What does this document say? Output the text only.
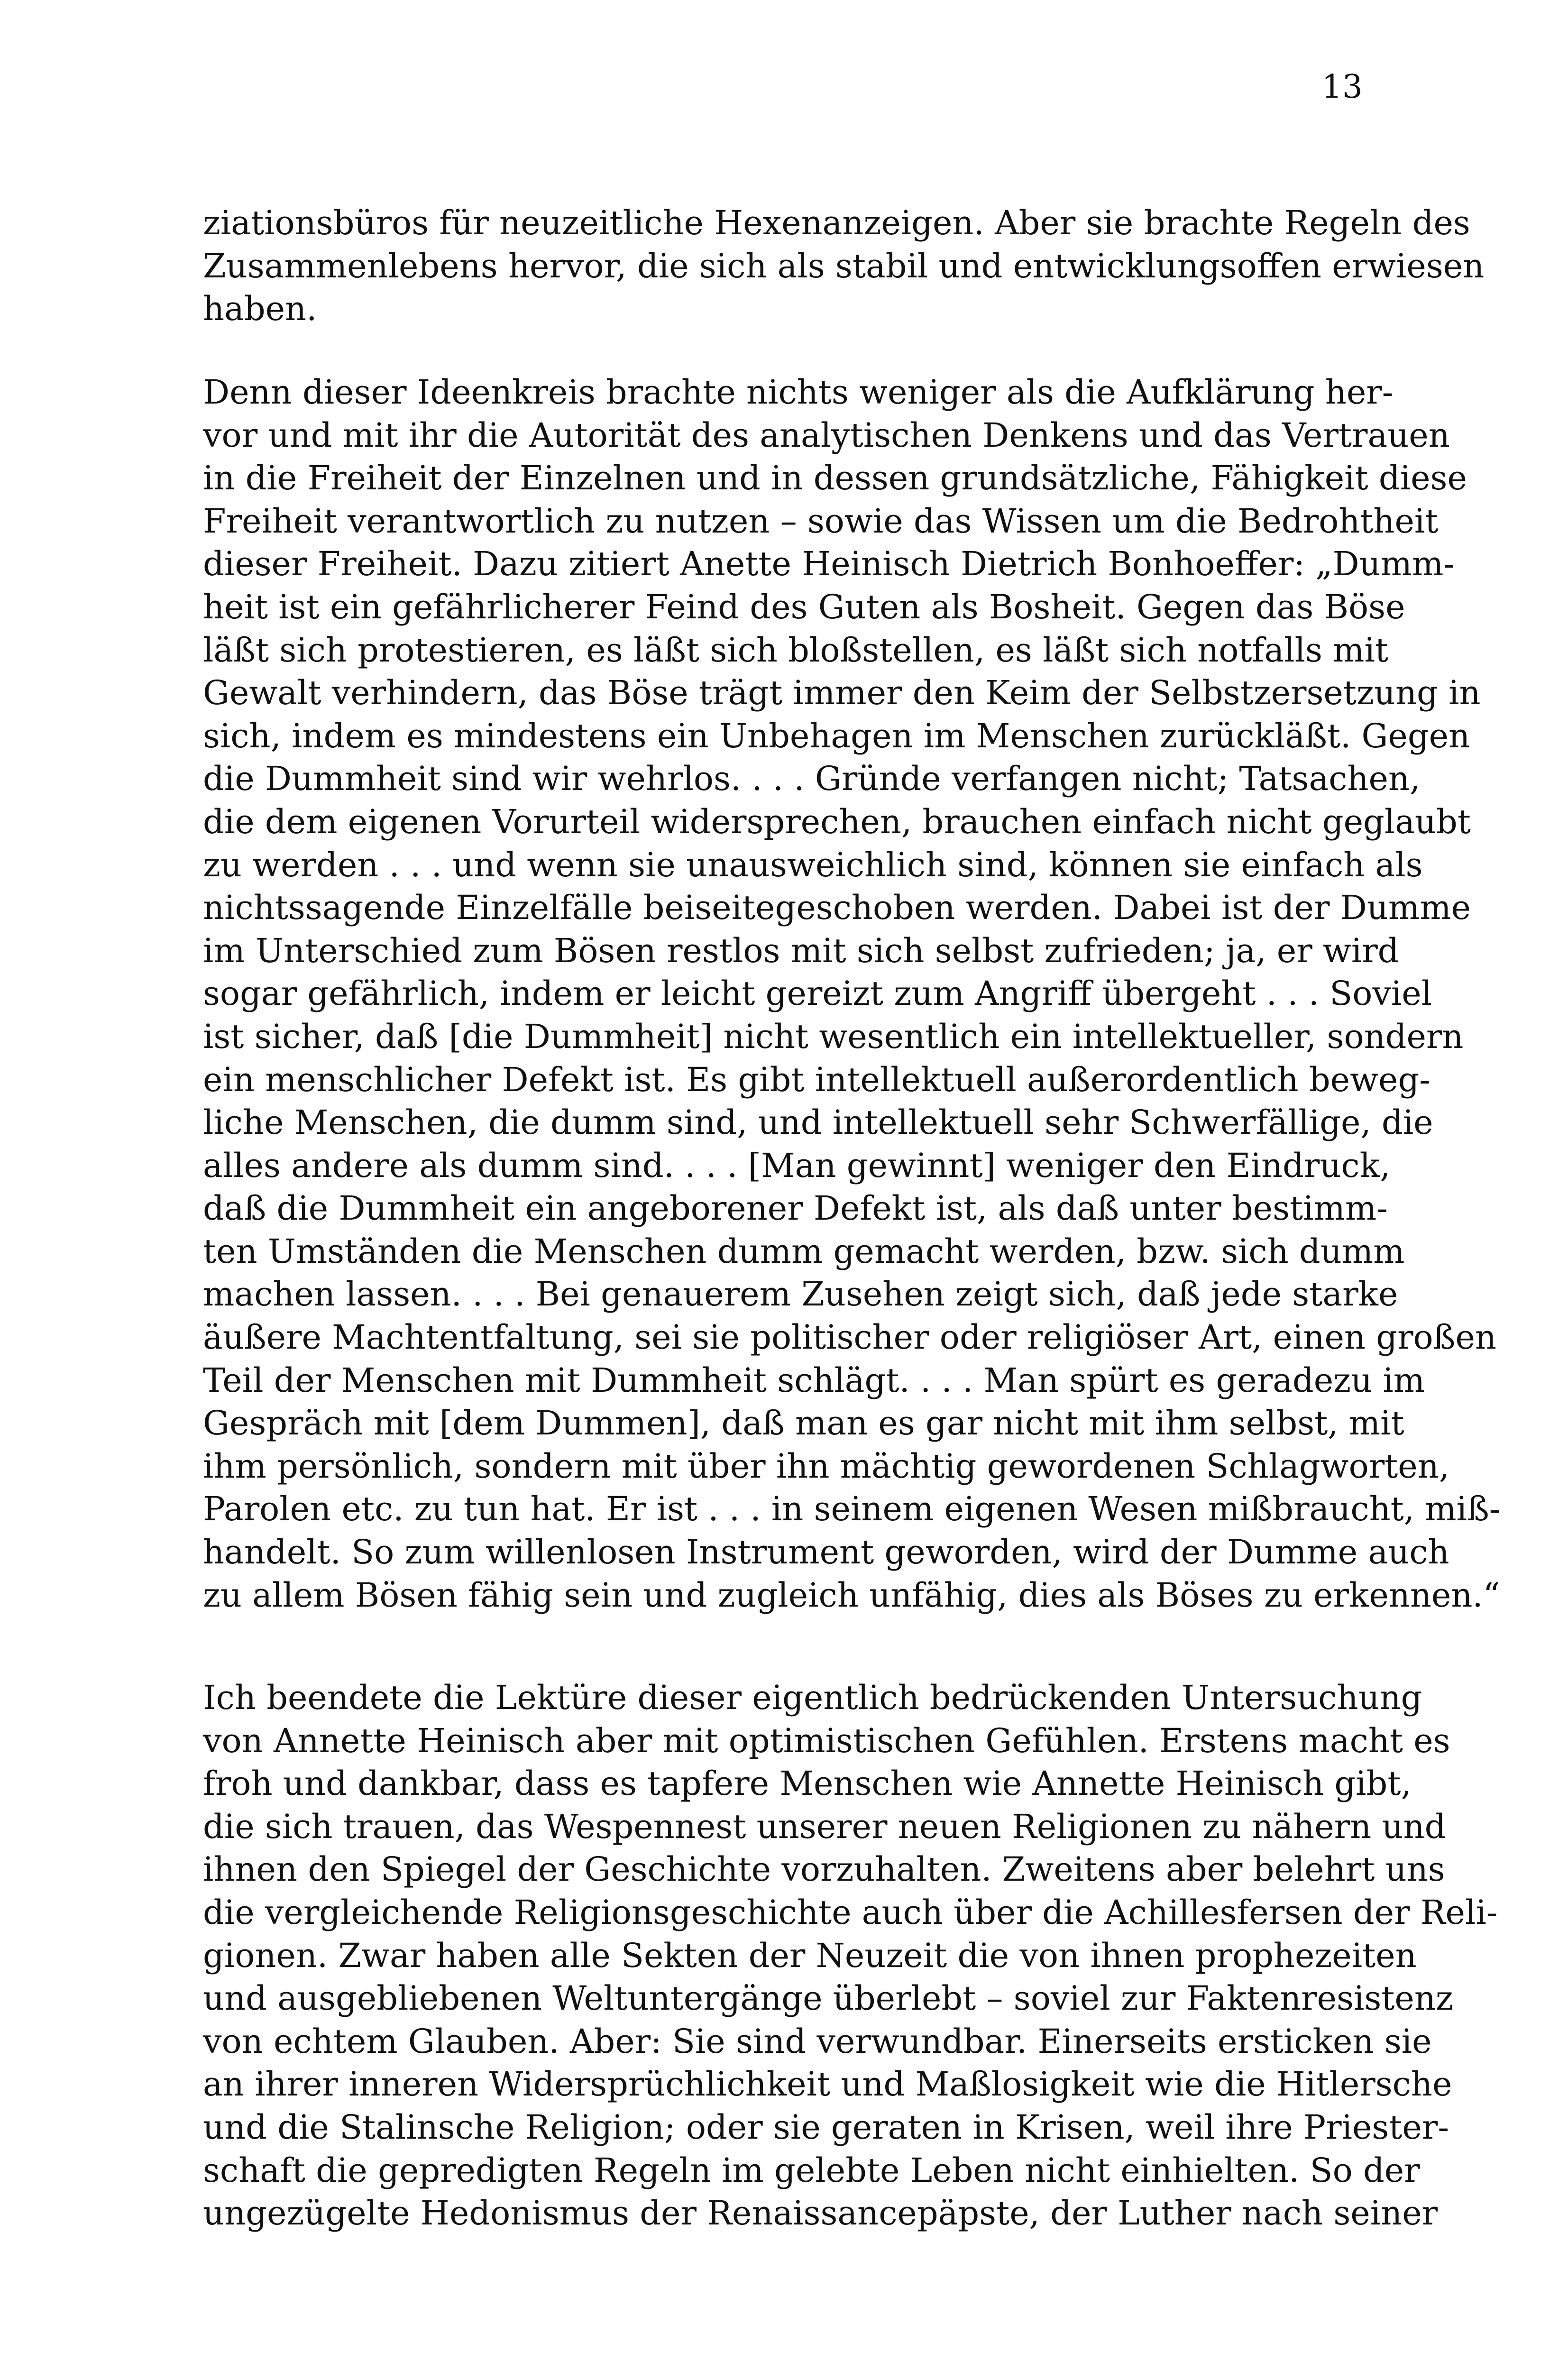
13
ziationsbüros für neuzeitliche Hexenanzeigen. Aber sie brachte Regeln des
Zusammenlebens hervor, die sich als stabil und entwicklungsoffen erwiesen
haben.
Denn dieser Ideenkreis brachte nichts weniger als die Aufklärung her-
vor und mit ihr die Autorität des analytischen Denkens und das Vertrauen
in die Freiheit der Einzelnen und in dessen grundsätzliche, Fähigkeit diese
Freiheit verantwortlich zu nutzen – sowie das Wissen um die Bedrohtheit
dieser Freiheit. Dazu zitiert Anette Heinisch Dietrich Bonhoeffer: „Dumm-
heit ist ein gefährlicherer Feind des Guten als Bosheit. Gegen das Böse
läßt sich protestieren, es läßt sich bloßstellen, es läßt sich notfalls mit
Gewalt verhindern, das Böse trägt immer den Keim der Selbstzersetzung in
sich, indem es mindestens ein Unbehagen im Menschen zurückläßt. Gegen
die Dummheit sind wir wehrlos. . . . Gründe verfangen nicht; Tatsachen,
die dem eigenen Vorurteil widersprechen, brauchen einfach nicht geglaubt
zu werden . . . und wenn sie unausweichlich sind, können sie einfach als
nichtssagende Einzelfälle beiseitegeschoben werden. Dabei ist der Dumme
im Unterschied zum Bösen restlos mit sich selbst zufrieden; ja, er wird
sogar gefährlich, indem er leicht gereizt zum Angriff übergeht . . . Soviel
ist sicher, daß [die Dummheit] nicht wesentlich ein intellektueller, sondern
ein menschlicher Defekt ist. Es gibt intellektuell außerordentlich beweg-
liche Menschen, die dumm sind, und intellektuell sehr Schwerfällige, die
alles andere als dumm sind. . . . [Man gewinnt] weniger den Eindruck,
daß die Dummheit ein angeborener Defekt ist, als daß unter bestimm-
ten Umständen die Menschen dumm gemacht werden, bzw. sich dumm
machen lassen. . . . Bei genauerem Zusehen zeigt sich, daß jede starke
äußere Machtentfaltung, sei sie politischer oder religiöser Art, einen großen
Teil der Menschen mit Dummheit schlägt. . . . Man spürt es geradezu im
Gespräch mit [dem Dummen], daß man es gar nicht mit ihm selbst, mit
ihm persönlich, sondern mit über ihn mächtig gewordenen Schlagworten,
Parolen etc. zu tun hat. Er ist . . . in seinem eigenen Wesen mißbraucht, miß-
handelt. So zum willenlosen Instrument geworden, wird der Dumme auch
zu allem Bösen fähig sein und zugleich unfähig, dies als Böses zu erkennen.“
Ich beendete die Lektüre dieser eigentlich bedrückenden Untersuchung
von Annette Heinisch aber mit optimistischen Gefühlen. Erstens macht es
froh und dankbar, dass es tapfere Menschen wie Annette Heinisch gibt,
die sich trauen, das Wespennest unserer neuen Religionen zu nähern und
ihnen den Spiegel der Geschichte vorzuhalten. Zweitens aber belehrt uns
die vergleichende Religionsgeschichte auch über die Achillesfersen der Reli-
gionen. Zwar haben alle Sekten der Neuzeit die von ihnen prophezeiten
und ausgebliebenen Weltuntergänge überlebt – soviel zur Faktenresistenz
von echtem Glauben. Aber: Sie sind verwundbar. Einerseits ersticken sie
an ihrer inneren Widersprüchlichkeit und Maßlosigkeit wie die Hitlersche
und die Stalinsche Religion; oder sie geraten in Krisen, weil ihre Priester-
schaft die gepredigten Regeln im gelebte Leben nicht einhielten. So der
ungezügelte Hedonismus der Renaissancepäpste, der Luther nach seiner
